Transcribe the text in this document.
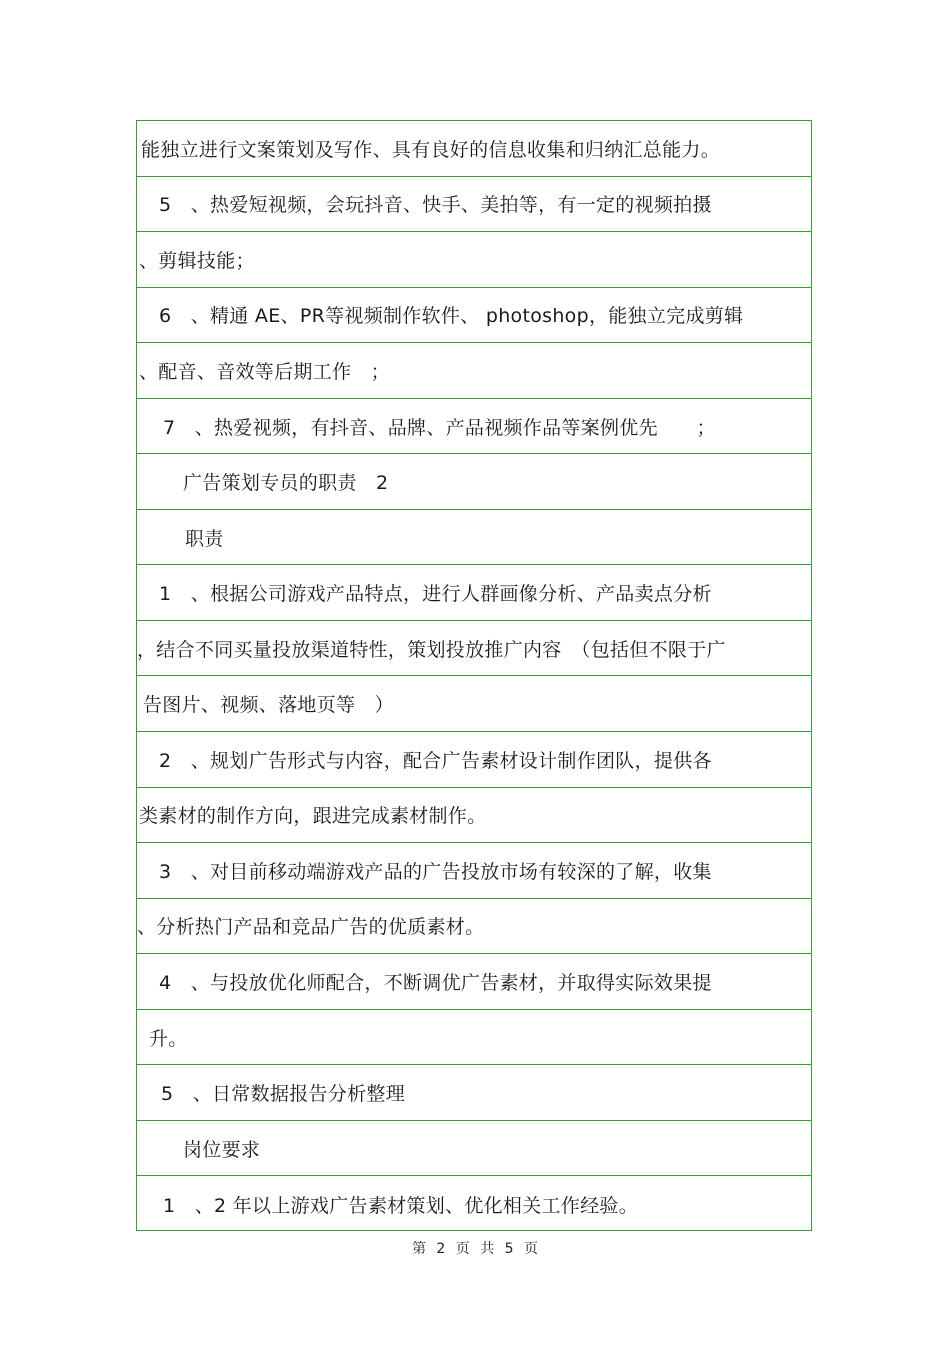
能独立进行文案策划及写作、具有良好的信息收集和归纳汇总能力。
5　、热爱短视频，会玩抖音、快手、美拍等，有一定的视频拍摄
、剪辑技能；
6　、精通 AE、PR等视频制作软件、 photoshop，能独立完成剪辑
、配音、音效等后期工作　；
7　、热爱视频，有抖音、品牌、产品视频作品等案例优先　　；
广告策划专员的职责　2
职责
1　、根据公司游戏产品特点，进行人群画像分析、产品卖点分析
，结合不同买量投放渠道特性，策划投放推广内容　（包括但不限于广
告图片、视频、落地页等　）
2　、规划广告形式与内容，配合广告素材设计制作团队，提供各
类素材的制作方向，跟进完成素材制作。
3　、对目前移动端游戏产品的广告投放市场有较深的了解，收集
、分析热门产品和竞品广告的优质素材。
4　、与投放优化师配合，不断调优广告素材，并取得实际效果提
升。
5　、日常数据报告分析整理
岗位要求
1　、2 年以上游戏广告素材策划、优化相关工作经验。
第 2 页 共 5 页
